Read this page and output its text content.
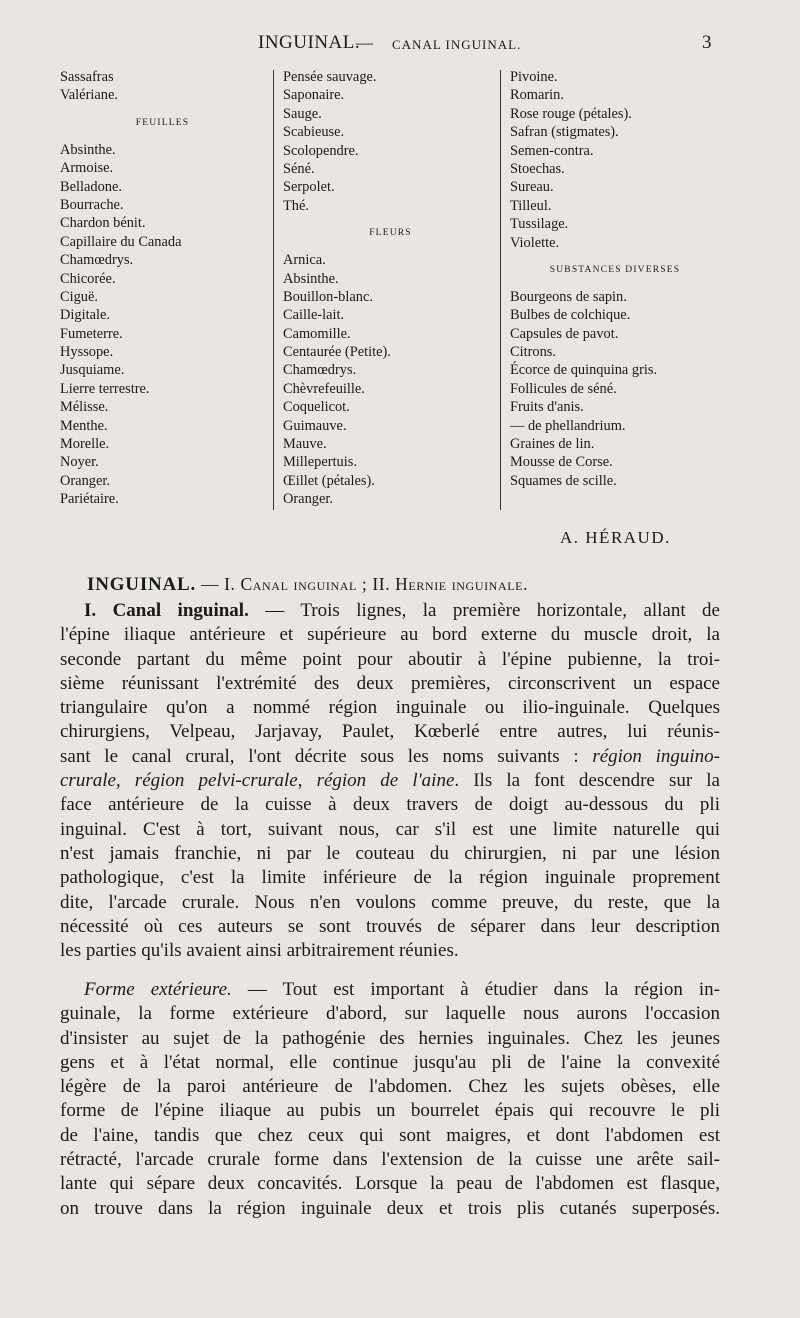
INGUINAL.
— CANAL INGUINAL.	3
Sassafras
Valériane.
FEUILLES
Absinthe.
Armoise.
Belladone.
Bourrache.
Chardon bénit.
Capillaire du Canada
Chamœdrys.
Chicorée.
Ciguë.
Digitale.
Fumeterre.
Hyssope.
Jusquiame.
Lierre terrestre.
Mélisse.
Menthe.
Morelle.
Noyer.
Oranger.
Pariétaire.
Pensée sauvage.
Saponaire.
Sauge.
Scabieuse.
Scolopendre.
Séné.
Serpolet.
Thé.
FLEURS
Arnica.
Absinthe.
Bouillon-blanc.
Caille-lait.
Camomille.
Centaurée (Petite).
Chamœdrys.
Chèvrefeuille.
Coquelicot.
Guimauve.
Mauve.
Millepertuis.
Œillet (pétales).
Oranger.
Pivoine.
Romarin.
Rose rouge (pétales).
Safran (stigmates).
Semen-contra.
Stoechas.
Sureau.
Tilleul.
Tussilage.
Violette.
SUBSTANCES DIVERSES
Bourgeons de sapin.
Bulbes de colchique.
Capsules de pavot.
Citrons.
Écorce de quinquina gris.
Follicules de séné.
Fruits d'anis.
— de phellandrium.
Graines de lin.
Mousse de Corse.
Squames de scille.
A. HÉRAUD.
INGUINAL. — I. Canal inguinal ; II. Hernie inguinale.
I. Canal inguinal. — Trois lignes, la première horizontale, allant de
l'épine iliaque antérieure et supérieure au bord externe du muscle droit, la
seconde partant du même point pour aboutir à l'épine pubienne, la troi-
sième réunissant l'extrémité des deux premières, circonscrivent un espace
triangulaire qu'on a nommé région inguinale ou ilio-inguinale. Quelques
chirurgiens, Velpeau, Jarjavay, Paulet, Kœberlé entre autres, lui réunis-
sant le canal crural, l'ont décrite sous les noms suivants : région inguino-
crurale, région pelvi-crurale, région de l'aine. Ils la font descendre sur la
face antérieure de la cuisse à deux travers de doigt au-dessous du pli
inguinal. C'est à tort, suivant nous, car s'il est une limite naturelle qui
n'est jamais franchie, ni par le couteau du chirurgien, ni par une lésion
pathologique, c'est la limite inférieure de la région inguinale proprement
dite, l'arcade crurale. Nous n'en voulons comme preuve, du reste, que la
nécessité où ces auteurs se sont trouvés de séparer dans leur description
les parties qu'ils avaient ainsi arbitrairement réunies.
Forme extérieure. — Tout est important à étudier dans la région in-
guinale, la forme extérieure d'abord, sur laquelle nous aurons l'occasion
d'insister au sujet de la pathogénie des hernies inguinales. Chez les jeunes
gens et à l'état normal, elle continue jusqu'au pli de l'aine la convexité
légère de la paroi antérieure de l'abdomen. Chez les sujets obèses, elle
forme de l'épine iliaque au pubis un bourrelet épais qui recouvre le pli
de l'aine, tandis que chez ceux qui sont maigres, et dont l'abdomen est
rétracté, l'arcade crurale forme dans l'extension de la cuisse une arête sail-
lante qui sépare deux concavités. Lorsque la peau de l'abdomen est flasque,
on trouve dans la région inguinale deux et trois plis cutanés superposés.
